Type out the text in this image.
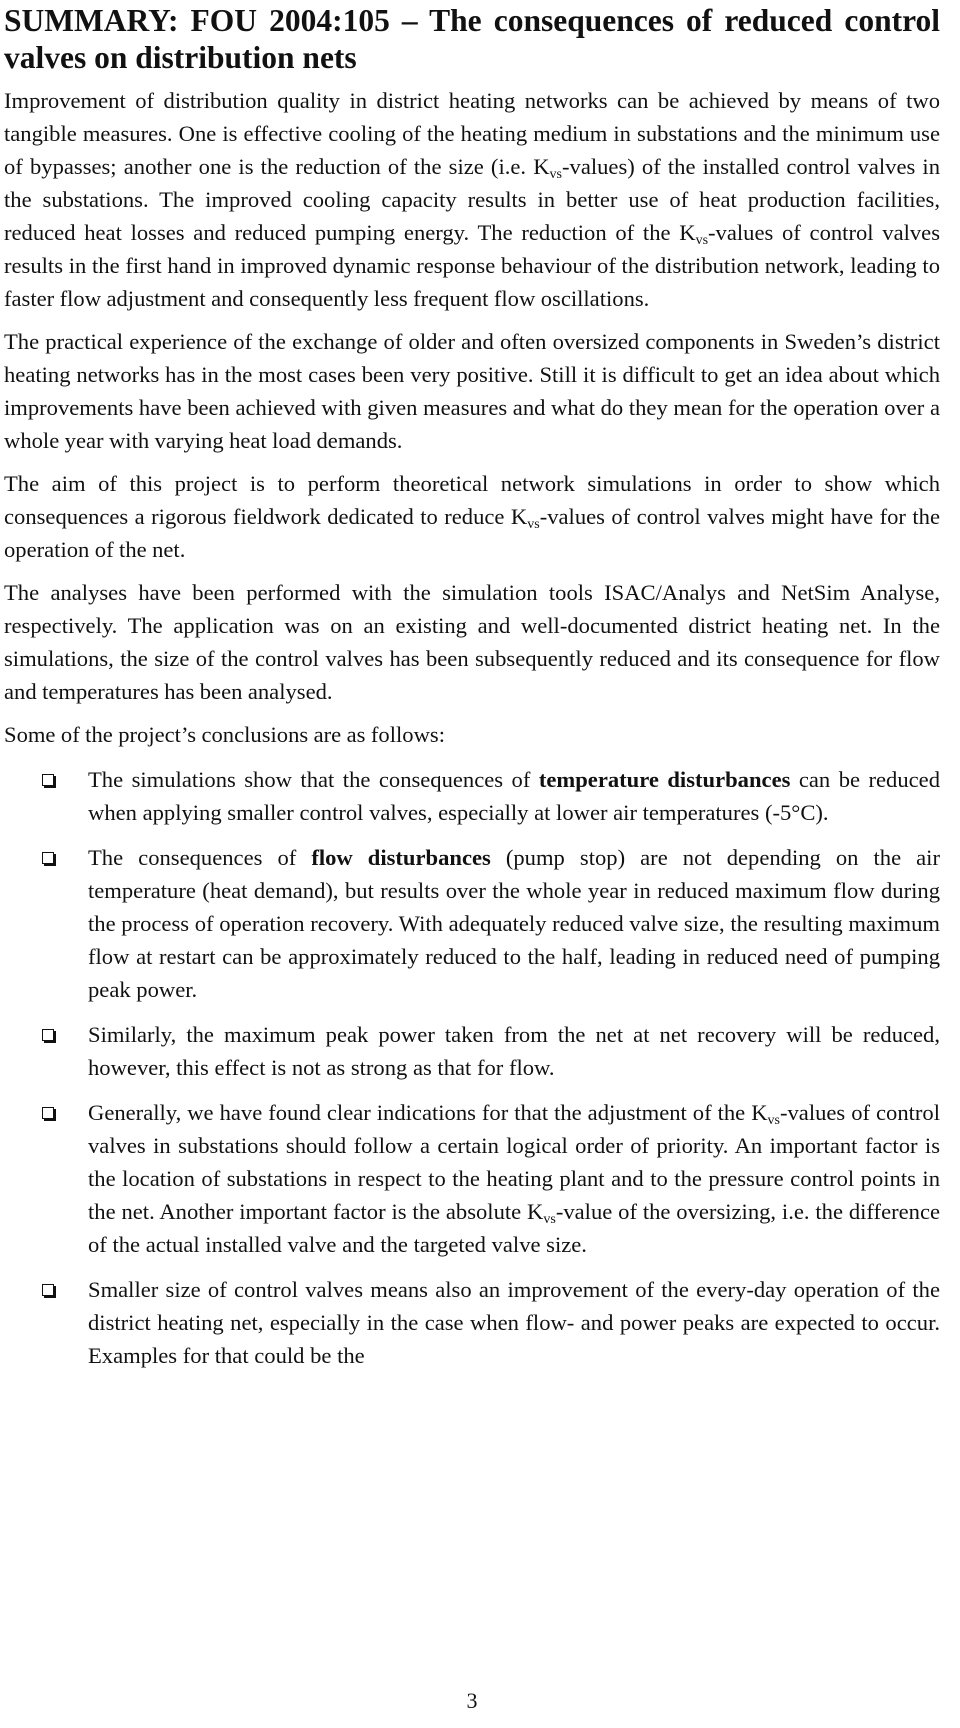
SUMMARY: FOU 2004:105 – The consequences of reduced control valves on distribution nets

Improvement of distribution quality in district heating networks can be achieved by means of two tangible measures. One is effective cooling of the heating medium in substations and the minimum use of bypasses; another one is the reduction of the size (i.e. $K_{vs}-values$) of the installed control valves in the substations. The improved cooling capacity results in better use of heat production facilities, reduced heat losses and reduced pumping energy. The reduction of the $K_{vs}$-values of control valves results in the first hand in improved dynamic response behaviour of the distribution network, leading to faster flow adjustment and consequently less frequent flow oscillations.

The practical experience of the exchange of older and often oversized components in Sweden’s district heating networks has in the most cases been very positive. Still it is difficult to get an idea about which improvements have been achieved with given measures and what do they mean for the operation over a whole year with varying heat load demands.

The aim of this project is to perform theoretical network simulations in order to show which consequences a rigorous fieldwork dedicated to reduce $K_{vs}$-values of control valves might have for the operation of the net.

The analyses have been performed with the simulation tools ISAC/Analys and NetSim Analyse, respectively. The application was on an existing and well-documented district heating net. In the simulations, the size of the control valves has been subsequently reduced and its consequence for flow and temperatures has been analysed.

Some of the project’s conclusions are as follows:

The simulations show that the consequences of temperature disturbances can be reduced when applying smaller control valves, especially at lower air temperatures (-5°C).
The consequences of flow disturbances (pump stop) are not depending on the air temperature (heat demand), but results over the whole year in reduced maximum flow during the process of operation recovery. With adequately reduced valve size, the resulting maximum flow at restart can be approximately reduced to the half, leading in reduced need of pumping peak power.
Similarly, the maximum peak power taken from the net at net recovery will be reduced, however, this effect is not as strong as that for flow.
Generally, we have found clear indications for that the adjustment of the $K_{vs}$-values of control valves in substations should follow a certain logical order of priority. An important factor is the location of substations in respect to the heating plant and to the pressure control points in the net. Another important factor is the absolute $K_{vs}$-value of the oversizing, i.e. the difference of the actual installed valve and the targeted valve size.
Smaller size of control valves means also an improvement of the every-day operation of the district heating net, especially in the case when flow- and power peaks are expected to occur. Examples for that could be the
3
